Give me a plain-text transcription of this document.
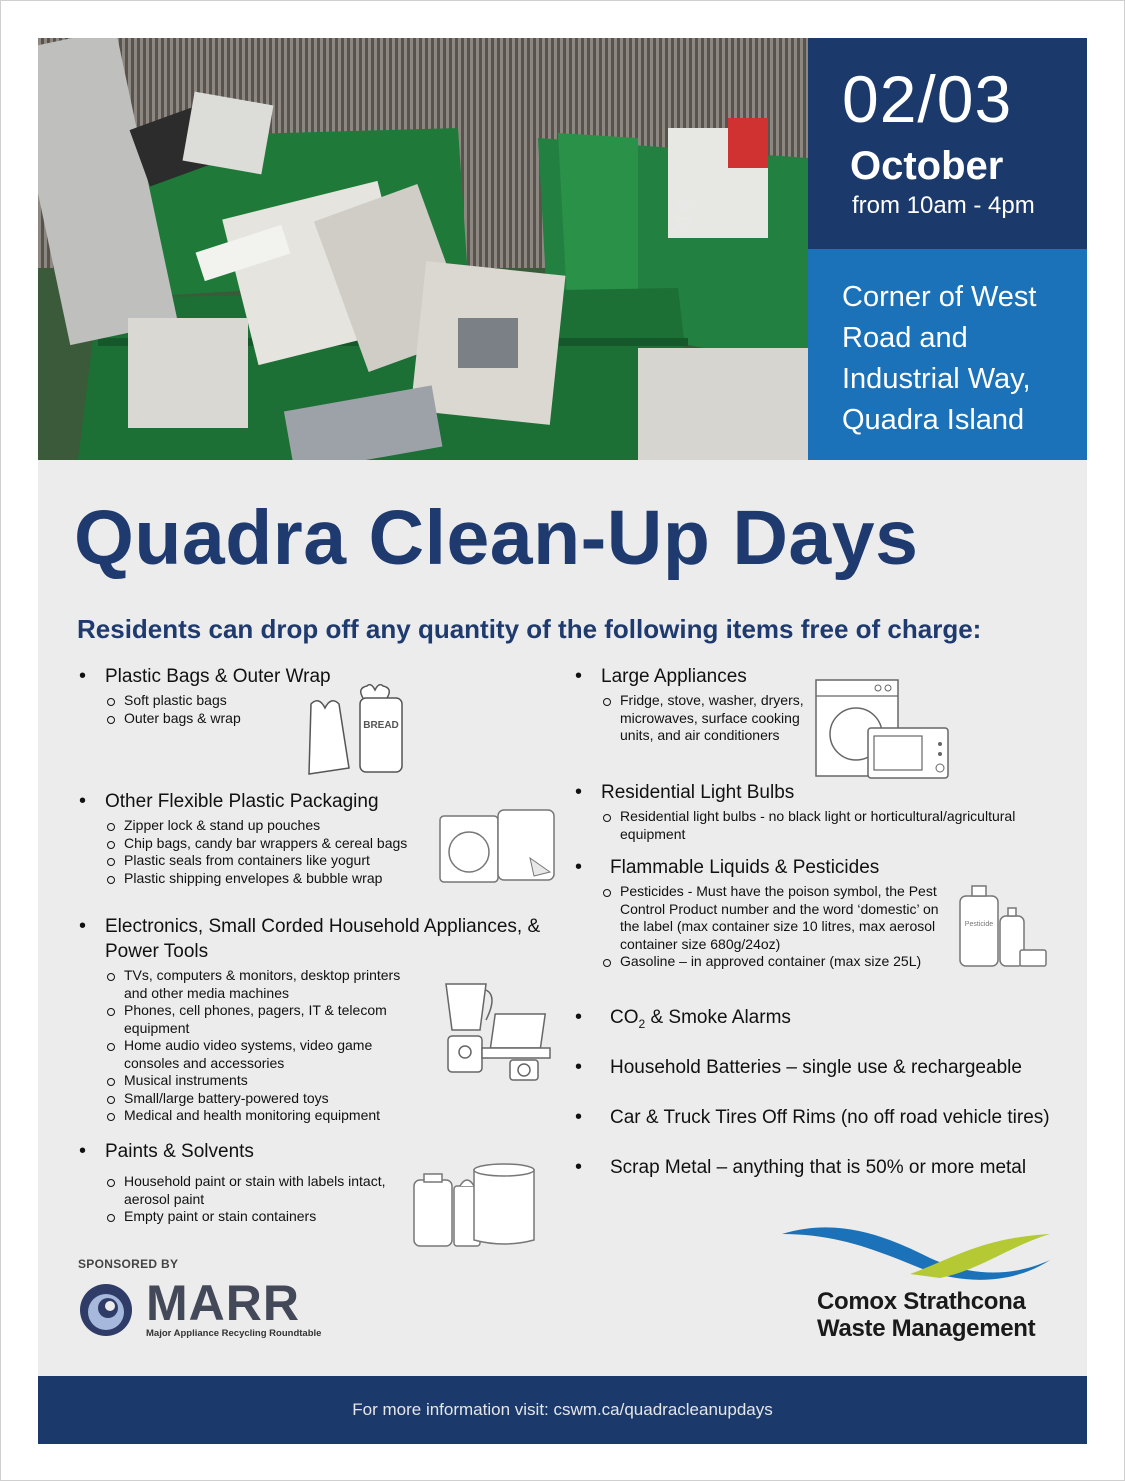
318
02/03
October
from 10am - 4pm
Corner of West Road and Industrial Way, Quadra Island
Quadra Clean-Up Days
Residents can drop off any quantity of the following items free of charge:
• Plastic Bags & Outer Wrap
Soft plastic bags
Outer bags & wrap	BREAD
• Other Flexible Plastic Packaging
Zipper lock & stand up pouches
Chip bags, candy bar wrappers & cereal bags
Plastic seals from containers like yogurt
Plastic shipping envelopes & bubble wrap
• Electronics, Small Corded Household Appliances, & Power Tools
TVs, computers & monitors, desktop printers and other media machines
Phones, cell phones, pagers, IT & telecom equipment
Home audio video systems, video game consoles and accessories
Musical instruments
Small/large battery-powered toys
Medical and health monitoring equipment
• Paints & Solvents
Household paint or stain with labels intact, aerosol paint
Empty paint or stain containers
• Large Appliances
Fridge, stove, washer, dryers, microwaves, surface cooking units, and air conditioners
• Residential Light Bulbs
Residential light bulbs - no black light or horticultural/agricultural equipment
• Flammable Liquids & Pesticides
Pesticides - Must have the poison symbol, the Pest Control Product number and the word ‘domestic’ on the label (max container size 10 litres, max aerosol container size 680g/24oz)
Gasoline – in approved container (max size 25L)
Pesticide
• $CO_2$ & Smoke Alarms
• Household Batteries – single use & rechargeable
• Car & Truck Tires Off Rims (no off road vehicle tires)
• Scrap Metal – anything that is 50% or more metal
SPONSORED BY
MARR
Major Appliance Recycling Roundtable
Comox Strathcona
Waste Management
For more information visit: cswm.ca/quadracleanupdays
